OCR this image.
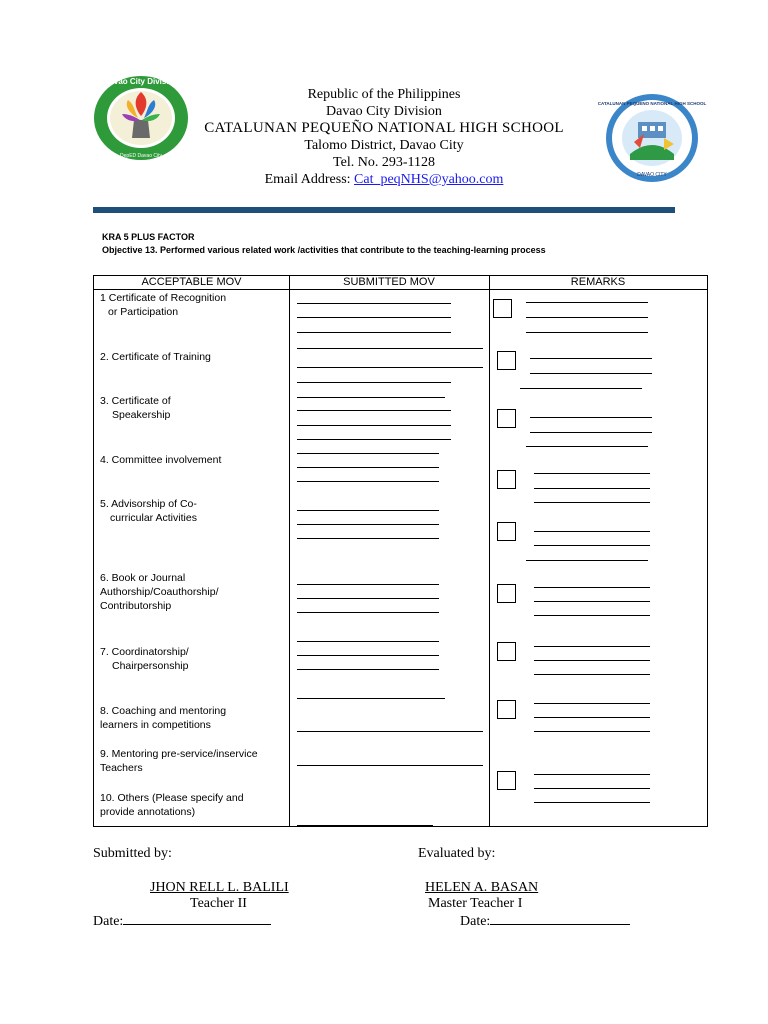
Davao City Division
DepED Davao City
CATALUNAN PEQUENO NATIONAL HIGH SCHOOL
DAVAO CITY
Republic of the Philippines
Davao City Division
CATALUNAN PEQUEÑO NATIONAL HIGH SCHOOL
Talomo District, Davao City
Tel. No. 293-1128
Email Address: Cat_peqNHS@yahoo.com
KRA 5 PLUS FACTOR
Objective 13. Performed various related work /activities that contribute to the teaching-learning process
ACCEPTABLE MOV	SUBMITTED MOV	REMARKS
1 Certificate of Recognition
or Participation
2. Certificate of Training
3. Certificate of
Speakership
4. Committee involvement
5. Advisorship of Co-
curricular Activities
6. Book or Journal
Authorship/Coauthorship/
Contributorship
7. Coordinatorship/
Chairpersonship
8. Coaching and mentoring
learners in competitions
9. Mentoring pre-service/inservice
Teachers
10. Others (Please specify and
provide annotations)
Submitted by:	Evaluated by:
JHON RELL L. BALILI
Teacher II
HELEN A. BASAN
Master Teacher I
Date:	Date:
